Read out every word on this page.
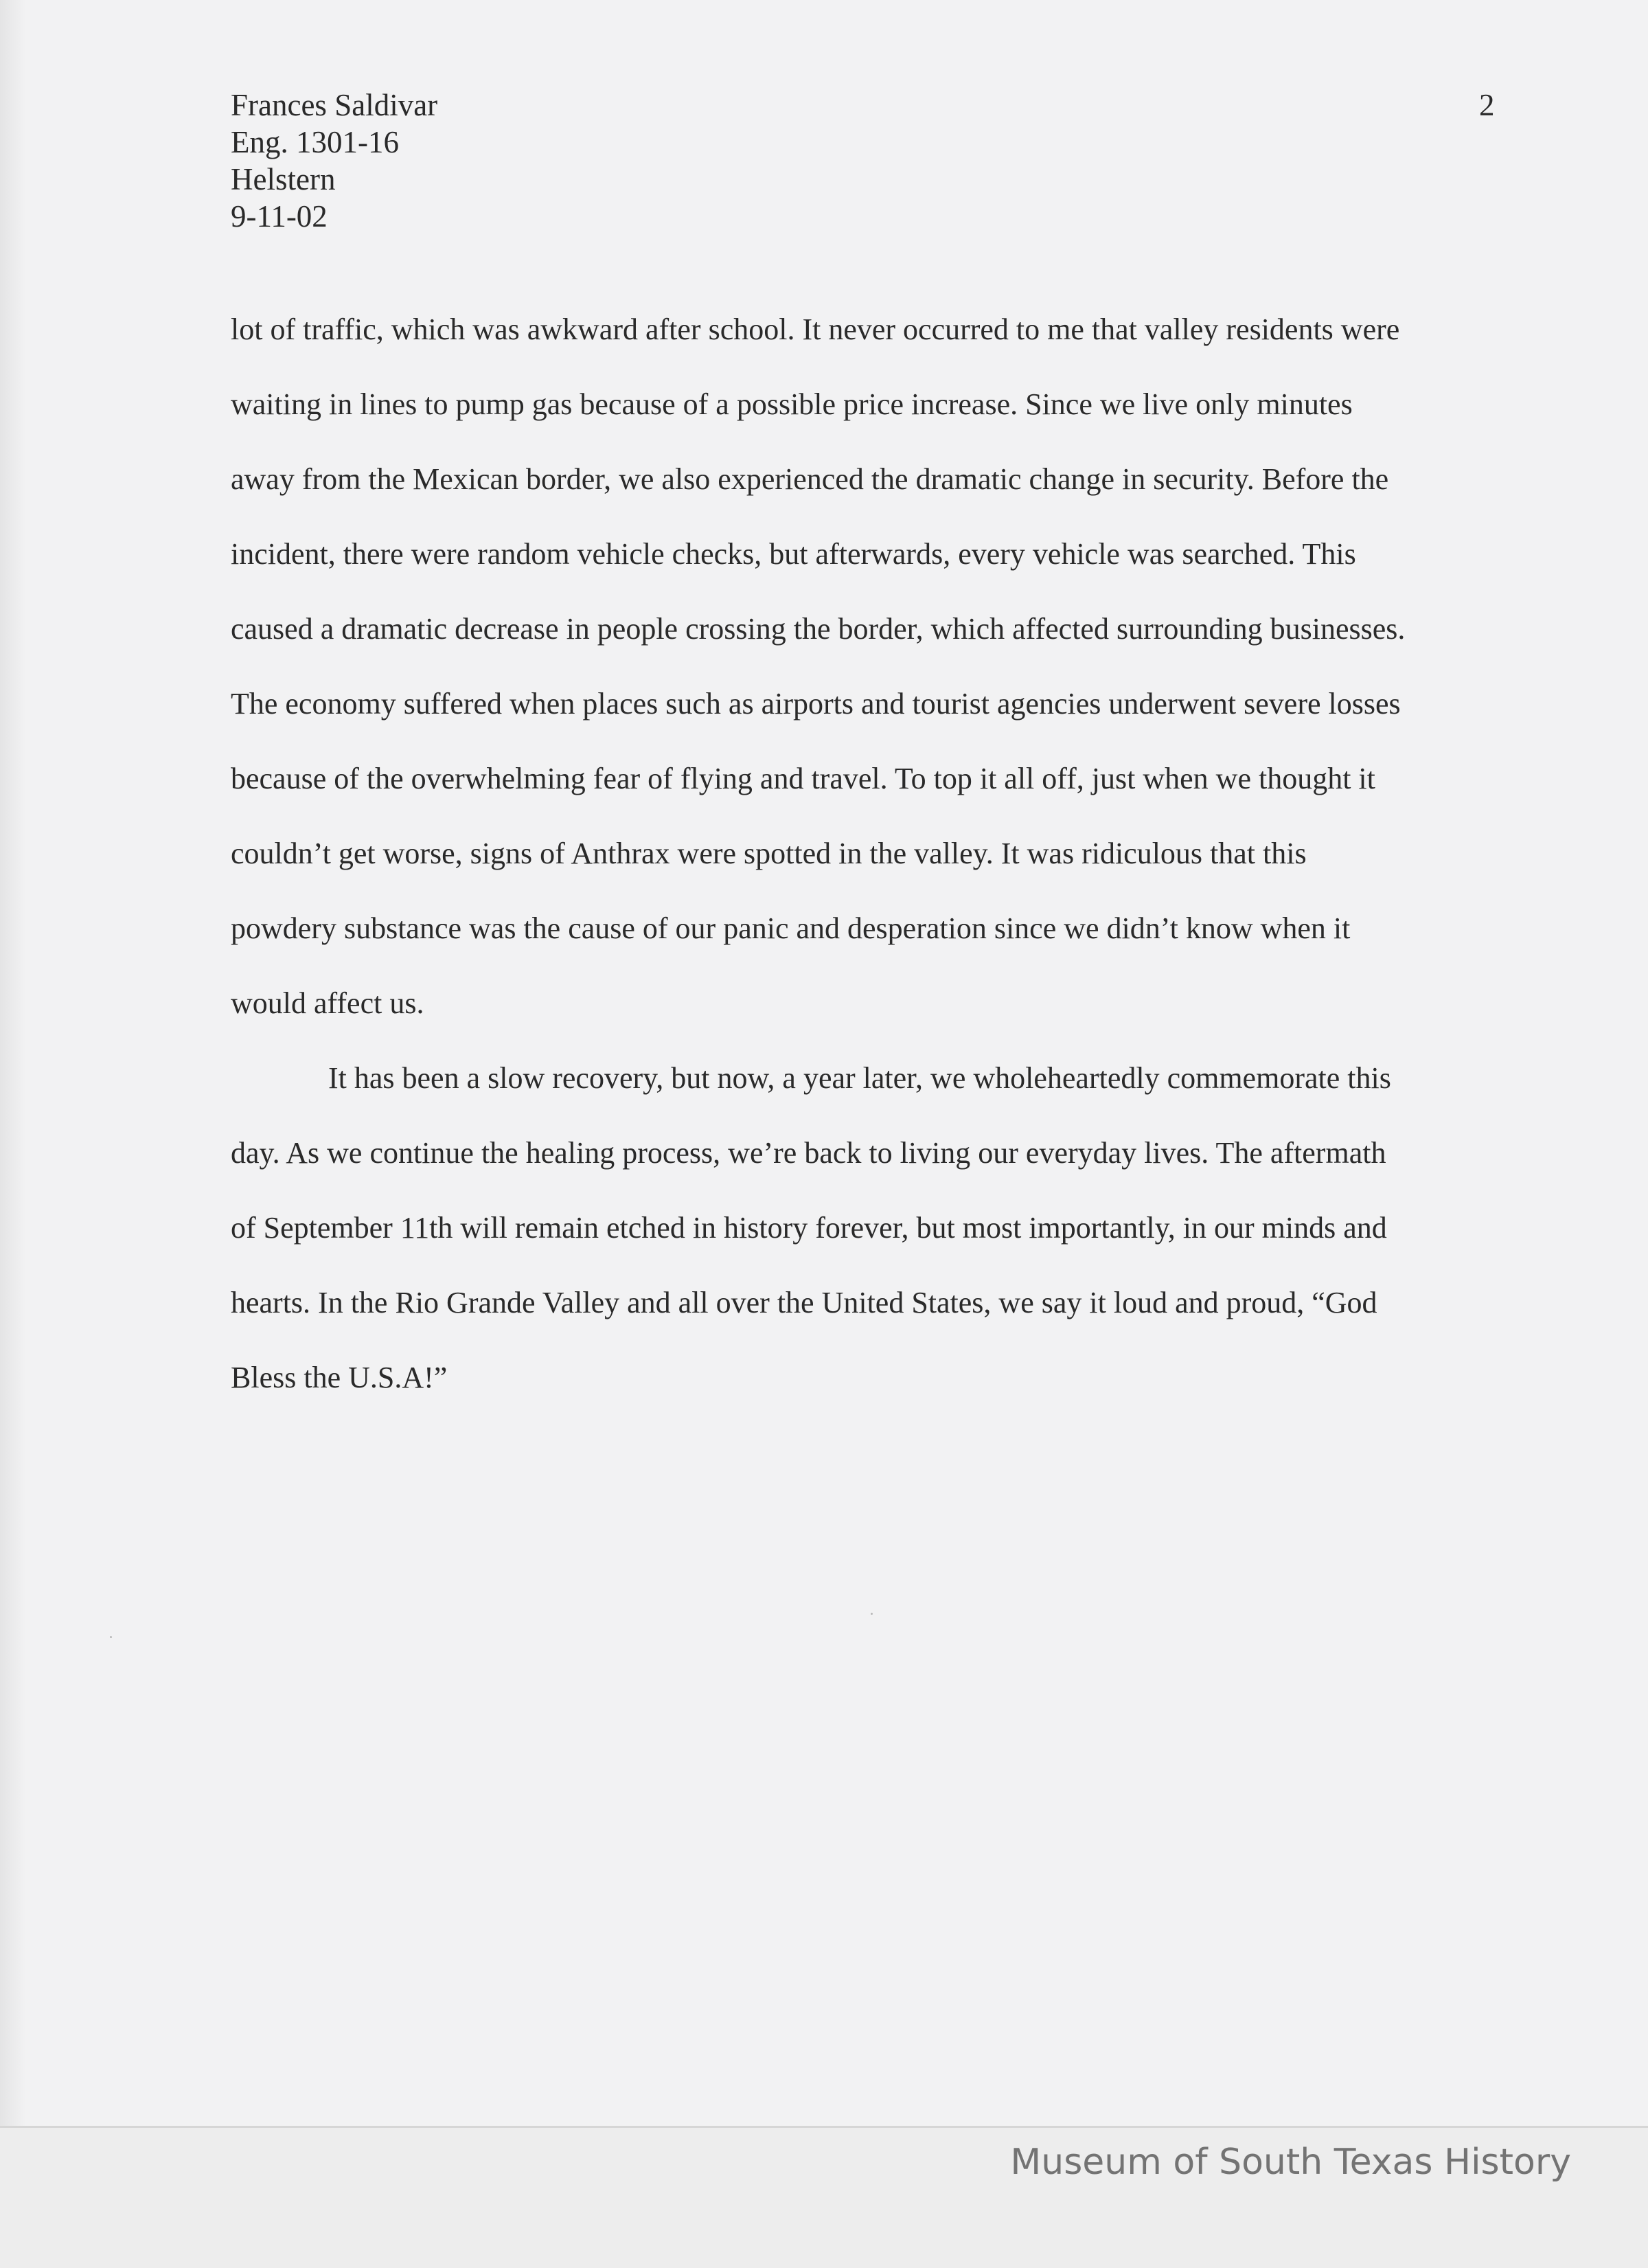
Frances Saldivar
Eng. 1301-16
Helstern
9-11-02
2
lot of traffic, which was awkward after school. It never occurred to me that valley residents were
waiting in lines to pump gas because of a possible price increase. Since we live only minutes
away from the Mexican border, we also experienced the dramatic change in security. Before the
incident, there were random vehicle checks, but afterwards, every vehicle was searched. This
caused a dramatic decrease in people crossing the border, which affected surrounding businesses.
The economy suffered when places such as airports and tourist agencies underwent severe losses
because of the overwhelming fear of flying and travel. To top it all off, just when we thought it
couldn’t get worse, signs of Anthrax were spotted in the valley. It was ridiculous that this
powdery substance was the cause of our panic and desperation since we didn’t know when it
would affect us.
It has been a slow recovery, but now, a year later, we wholeheartedly commemorate this
day. As we continue the healing process, we’re back to living our everyday lives. The aftermath
of September 11th will remain etched in history forever, but most importantly, in our minds and
hearts. In the Rio Grande Valley and all over the United States, we say it loud and proud, “God
Bless the U.S.A!”
Museum of South Texas History
